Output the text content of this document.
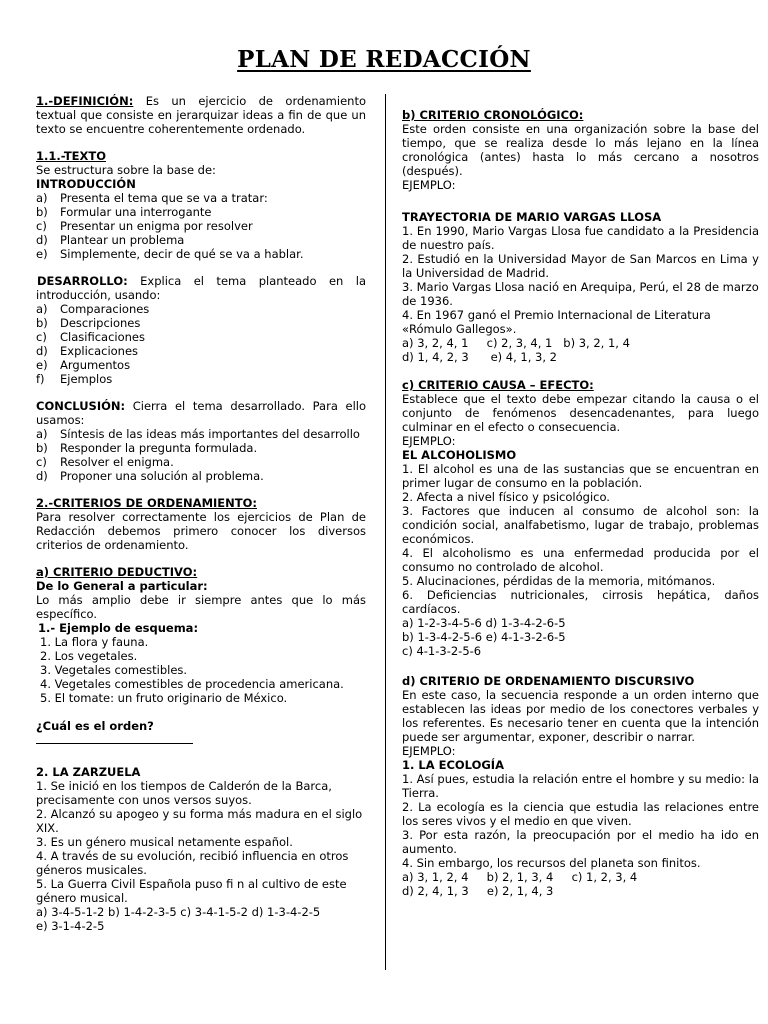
PLAN DE REDACCIÓN
1.-DEFINICIÓN: Es un ejercicio de ordenamiento textual que consiste en jerarquizar ideas a fin de que un texto se encuentre coherentemente ordenado.
1.1.-TEXTO
Se estructura sobre la base de:
INTRODUCCIÓN
a)	Presenta el tema que se va a tratar:
b)	Formular una interrogante
c)	Presentar un enigma por resolver
d)	Plantear un problema
e)	Simplemente, decir de qué se va a hablar.
DESARROLLO: Explica el tema planteado en la introducción, usando:
a)	Comparaciones
b)	Descripciones
c)	Clasificaciones
d)	Explicaciones
e)	Argumentos
f)	Ejemplos
CONCLUSIÓN: Cierra el tema desarrollado. Para ello usamos:
a)	Síntesis de las ideas más importantes del desarrollo
b)	Responder la pregunta formulada.
c)	Resolver el enigma.
d)	Proponer una solución al problema.
2.-CRITERIOS DE ORDENAMIENTO:
Para resolver correctamente los ejercicios de Plan de Redacción debemos primero conocer los diversos criterios de ordenamiento.
a) CRITERIO DEDUCTIVO:
De lo General a particular:
Lo más amplio debe ir siempre antes que lo más específico.
1.- Ejemplo de esquema:
1. La flora y fauna.
2. Los vegetales.
3. Vegetales comestibles.
4. Vegetales comestibles de procedencia americana.
5. El tomate: un fruto originario de México.
¿Cuál es el orden?
2. LA ZARZUELA
1. Se inició en los tiempos de Calderón de la Barca, precisamente con unos versos suyos.
2. Alcanzó su apogeo y su forma más madura en el siglo XIX.
3. Es un género musical netamente español.
4. A través de su evolución, recibió influencia en otros géneros musicales.
5. La Guerra Civil Española puso fi n al cultivo de este género musical.
a) 3-4-5-1-2 b) 1-4-2-3-5 c) 3-4-1-5-2 d) 1-3-4-2-5
e) 3-1-4-2-5
b) CRITERIO CRONOLÓGICO:
Este orden consiste en una organización sobre la base del tiempo, que se realiza desde lo más lejano en la línea cronológica (antes) hasta lo más cercano a nosotros (después).
EJEMPLO:
TRAYECTORIA DE MARIO VARGAS LLOSA
1. En 1990, Mario Vargas Llosa fue candidato a la Presidencia de nuestro país.
2. Estudió en la Universidad Mayor de San Marcos en Lima y la Universidad de Madrid.
3. Mario Vargas Llosa nació en Arequipa, Perú, el 28 de marzo de 1936.
4. En 1967 ganó el Premio Internacional de Literatura «Rómulo Gallegos».
a) 3, 2, 4, 1     c) 2, 3, 4, 1   b) 3, 2, 1, 4
d) 1, 4, 2, 3      e) 4, 1, 3, 2
c) CRITERIO CAUSA – EFECTO:
Establece que el texto debe empezar citando la causa o el conjunto de fenómenos desencadenantes, para luego culminar en el efecto o consecuencia.
EJEMPLO:
EL ALCOHOLISMO
1. El alcohol es una de las sustancias que se encuentran en primer lugar de consumo en la población.
2. Afecta a nivel físico y psicológico.
3. Factores que inducen al consumo de alcohol son: la condición social, analfabetismo, lugar de trabajo, problemas económicos.
4. El alcoholismo es una enfermedad producida por el consumo no controlado de alcohol.
5. Alucinaciones, pérdidas de la memoria, mitómanos.
6. Deficiencias nutricionales, cirrosis hepática, daños cardíacos.
a) 1-2-3-4-5-6 d) 1-3-4-2-6-5
b) 1-3-4-2-5-6 e) 4-1-3-2-6-5
c) 4-1-3-2-5-6
d) CRITERIO DE ORDENAMIENTO DISCURSIVO
En este caso, la secuencia responde a un orden interno que establecen las ideas por medio de los conectores verbales y los referentes. Es necesario tener en cuenta que la intención puede ser argumentar, exponer, describir o narrar.
EJEMPLO:
1. LA ECOLOGÍA
1. Así pues, estudia la relación entre el hombre y su medio: la Tierra.
2. La ecología es la ciencia que estudia las relaciones entre los seres vivos y el medio en que viven.
3. Por esta razón, la preocupación por el medio ha ido en aumento.
4. Sin embargo, los recursos del planeta son finitos.
a) 3, 1, 2, 4     b) 2, 1, 3, 4     c) 1, 2, 3, 4
d) 2, 4, 1, 3     e) 2, 1, 4, 3
